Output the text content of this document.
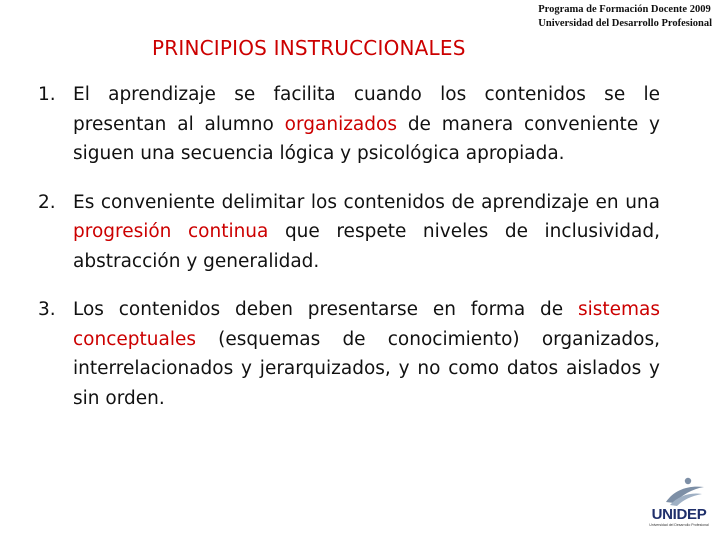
Programa de Formación Docente 2009
Universidad del Desarrollo Profesional
PRINCIPIOS INSTRUCCIONALES
1. El aprendizaje se facilita cuando los contenidos se le presentan al alumno organizados de manera conveniente y siguen una secuencia lógica y psicológica apropiada.
2. Es conveniente delimitar los contenidos de aprendizaje en una progresión continua que respete niveles de inclusividad, abstracción y generalidad.
3. Los contenidos deben presentarse en forma de sistemas conceptuales (esquemas de conocimiento) organizados, interrelacionados y jerarquizados, y no como datos aislados y sin orden.
UNIDEP
Universidad del Desarrollo Profesional
